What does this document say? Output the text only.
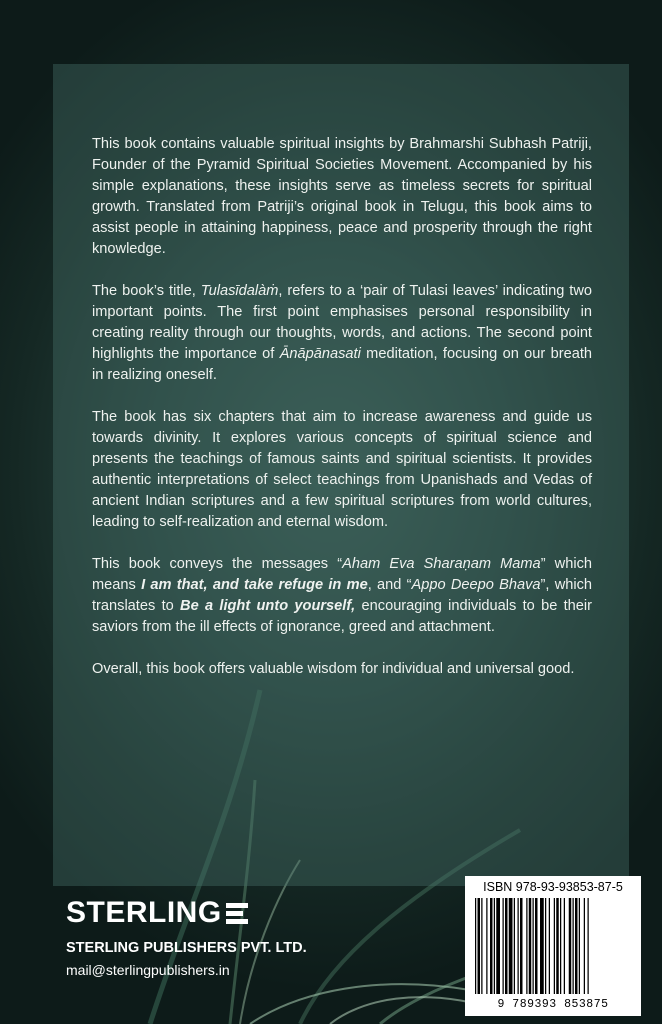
This book contains valuable spiritual insights by Brahmarshi Subhash Patriji, Founder of the Pyramid Spiritual Societies Movement. Accompanied by his simple explanations, these insights serve as timeless secrets for spiritual growth. Translated from Patriji’s original book in Telugu, this book aims to assist people in attaining happiness, peace and prosperity through the right knowledge.

The book’s title, Tulasīdalàṁ, refers to a ‘pair of Tulasi leaves’ indicating two important points. The first point emphasises personal responsibility in creating reality through our thoughts, words, and actions. The second point highlights the importance of Ānāpānasati meditation, focusing on our breath in realizing oneself.

The book has six chapters that aim to increase awareness and guide us towards divinity. It explores various concepts of spiritual science and presents the teachings of famous saints and spiritual scientists. It provides authentic interpretations of select teachings from Upanishads and Vedas of ancient Indian scriptures and a few spiritual scriptures from world cultures, leading to self-realization and eternal wisdom.

This book conveys the messages “Aham Eva Sharaṇam Mama” which means I am that, and take refuge in me, and “Appo Deepo Bhava”, which translates to Be a light unto yourself, encouraging individuals to be their saviors from the ill effects of ignorance, greed and attachment.

Overall, this book offers valuable wisdom for individual and universal good.

STERLING
STERLING PUBLISHERS PVT. LTD.
mail@sterlingpublishers.in
ISBN 978-93-93853-87-5
9 789393 853875
